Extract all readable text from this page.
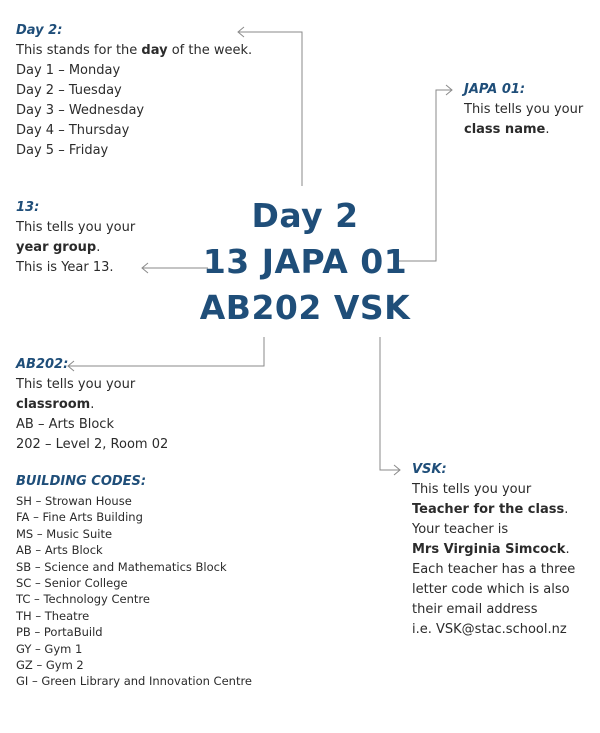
Day 2
13 JAPA 01
AB202 VSK
Day 2:
This stands for the day of the week.
Day 1 – Monday
Day 2 – Tuesday
Day 3 – Wednesday
Day 4 – Thursday
Day 5 – Friday
JAPA 01:
This tells you your
class name.
13:
This tells you your
year group.
This is Year 13.
AB202:
This tells you your
classroom.
AB – Arts Block
202 – Level 2, Room 02
BUILDING CODES:
SH – Strowan House
FA – Fine Arts Building
MS – Music Suite
AB – Arts Block
SB – Science and Mathematics Block
SC – Senior College
TC – Technology Centre
TH – Theatre
PB – PortaBuild
GY – Gym 1
GZ – Gym 2
GI – Green Library and Innovation Centre
VSK:
This tells you your
Teacher for the class.
Your teacher is
Mrs Virginia Simcock.
Each teacher has a three
letter code which is also
their email address
i.e. VSK@stac.school.nz
